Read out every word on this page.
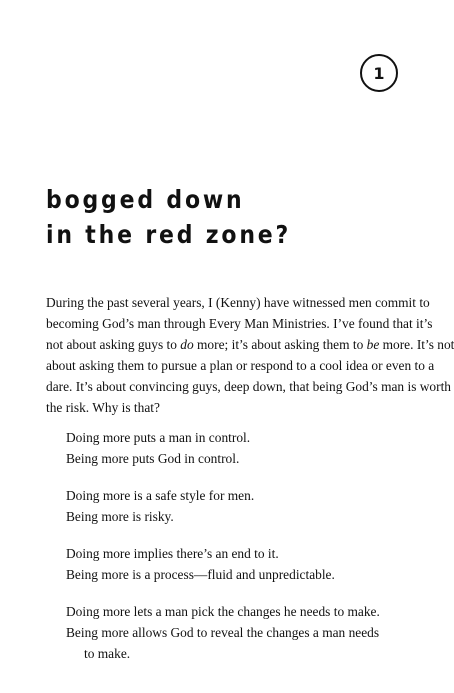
1
bogged down
in the red zone?

During the past several years, I (Kenny) have witnessed men commit to
becoming God’s man through Every Man Ministries. I’ve found that it’s
not about asking guys to do more; it’s about asking them to be more. It’s not
about asking them to pursue a plan or respond to a cool idea or even to a
dare. It’s about convincing guys, deep down, that being God’s man is worth
the risk. Why is that?

Doing more puts a man in control.

Being more puts God in control.

Doing more is a safe style for men.

Being more is risky.

Doing more implies there’s an end to it.

Being more is a process—fluid and unpredictable.

Doing more lets a man pick the changes he needs to make.

Being more allows God to reveal the changes a man needs

to make.
